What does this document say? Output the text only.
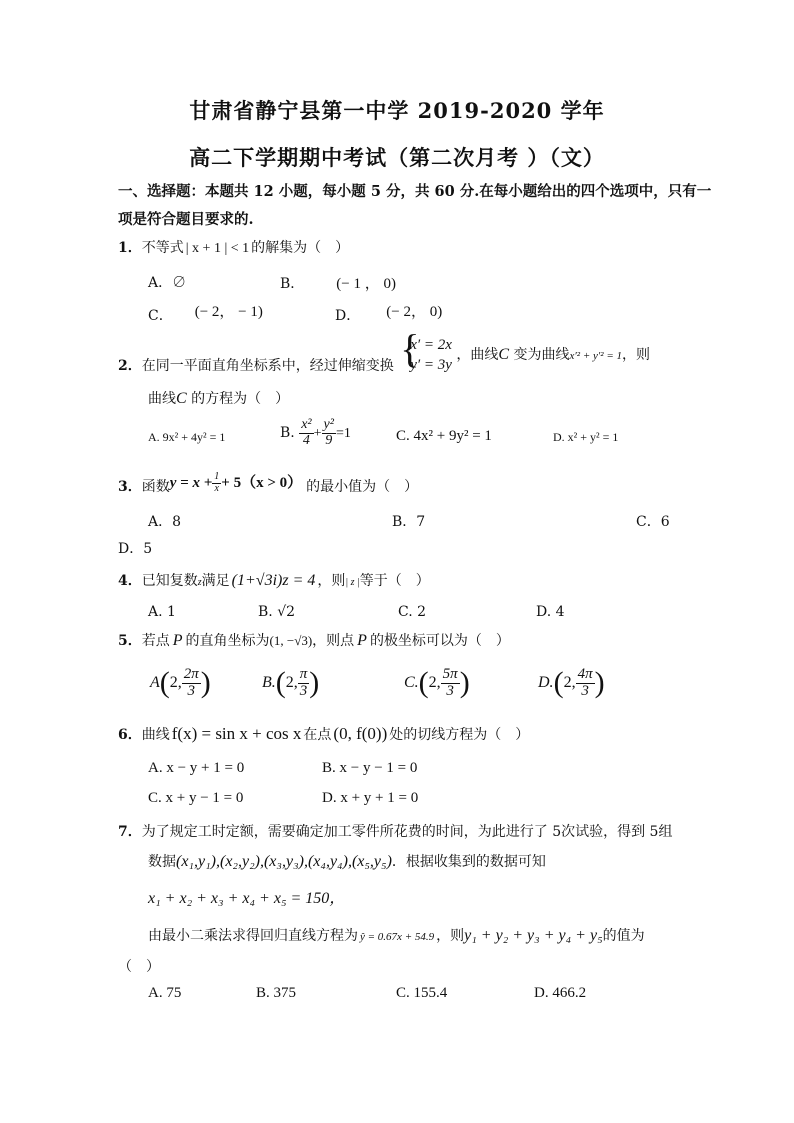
甘肃省静宁县第一中学 2019-2020 学年
高二下学期期中考试（第二次月考 ）（文）
一、选择题：本题共 12 小题，每小题 5 分，共 60 分.在每小题给出的四个选项中，只有一
项是符合题目要求的.
1．不等式 | x + 1 | < 1 的解集为（　）
A．∅	B． (− 1 ， 0)
C． (− 2， − 1)	D． (− 2， 0)
2．在同一平面直角坐标系中，经过伸缩变换 {
x′ = 2x
y′ = 3y
，曲线C 变为曲线x′² + y′² = 1，则
曲线C 的方程为（　）
A. 9x² + 4y² = 1	B. $\frac{\text{x²}}{4} + \frac{\text{y²}}{9} =1$	C. 4x² + 9y² = 1	D. x² + y² = 1
3．函数$y = x + \frac{1}{x} + 5(x > 0)$ 的最小值为（　）
A．8	B．7	C．6
D．5
4．已知复数z满足 (1+√3i)z = 4 ，则| z |等于（　）
A. 1	B. √2	C. 2	D. 4
5．若点 P 的直角坐标为(1, −√3)，则点 P 的极坐标可以为（　）
A(2, $\frac{2\pi}{3}$ )	B.(2, $\frac{\pi}{3}$ )	C.(2, $\frac{5\pi}{3}$ )	D.(2, $\frac{4\pi}{3}$ )
6．曲线 f(x) = sin x + cos x 在点 (0, f(0)) 处的切线方程为（　）
A. x − y + 1 = 0	B. x − y − 1 = 0
C. x + y − 1 = 0	D. x + y + 1 = 0
7．为了规定工时定额，需要确定加工零件所花费的时间，为此进行了 5次试验，得到 5组
数据(x₁,y₁),(x₂,y₂),(x₃,y₃),(x₄,y₄),(x₅,y₅)．根据收集到的数据可知
x₁ + x₂ + x₃ + x₄ + x₅ = 150，
由最小二乘法求得回归直线方程为 ŷ = 0.67x + 54.9 ，则y₁ + y₂ + y₃ + y₄ + y₅的值为
（　）
A. 75	B. 375	C. 155.4	D. 466.2
